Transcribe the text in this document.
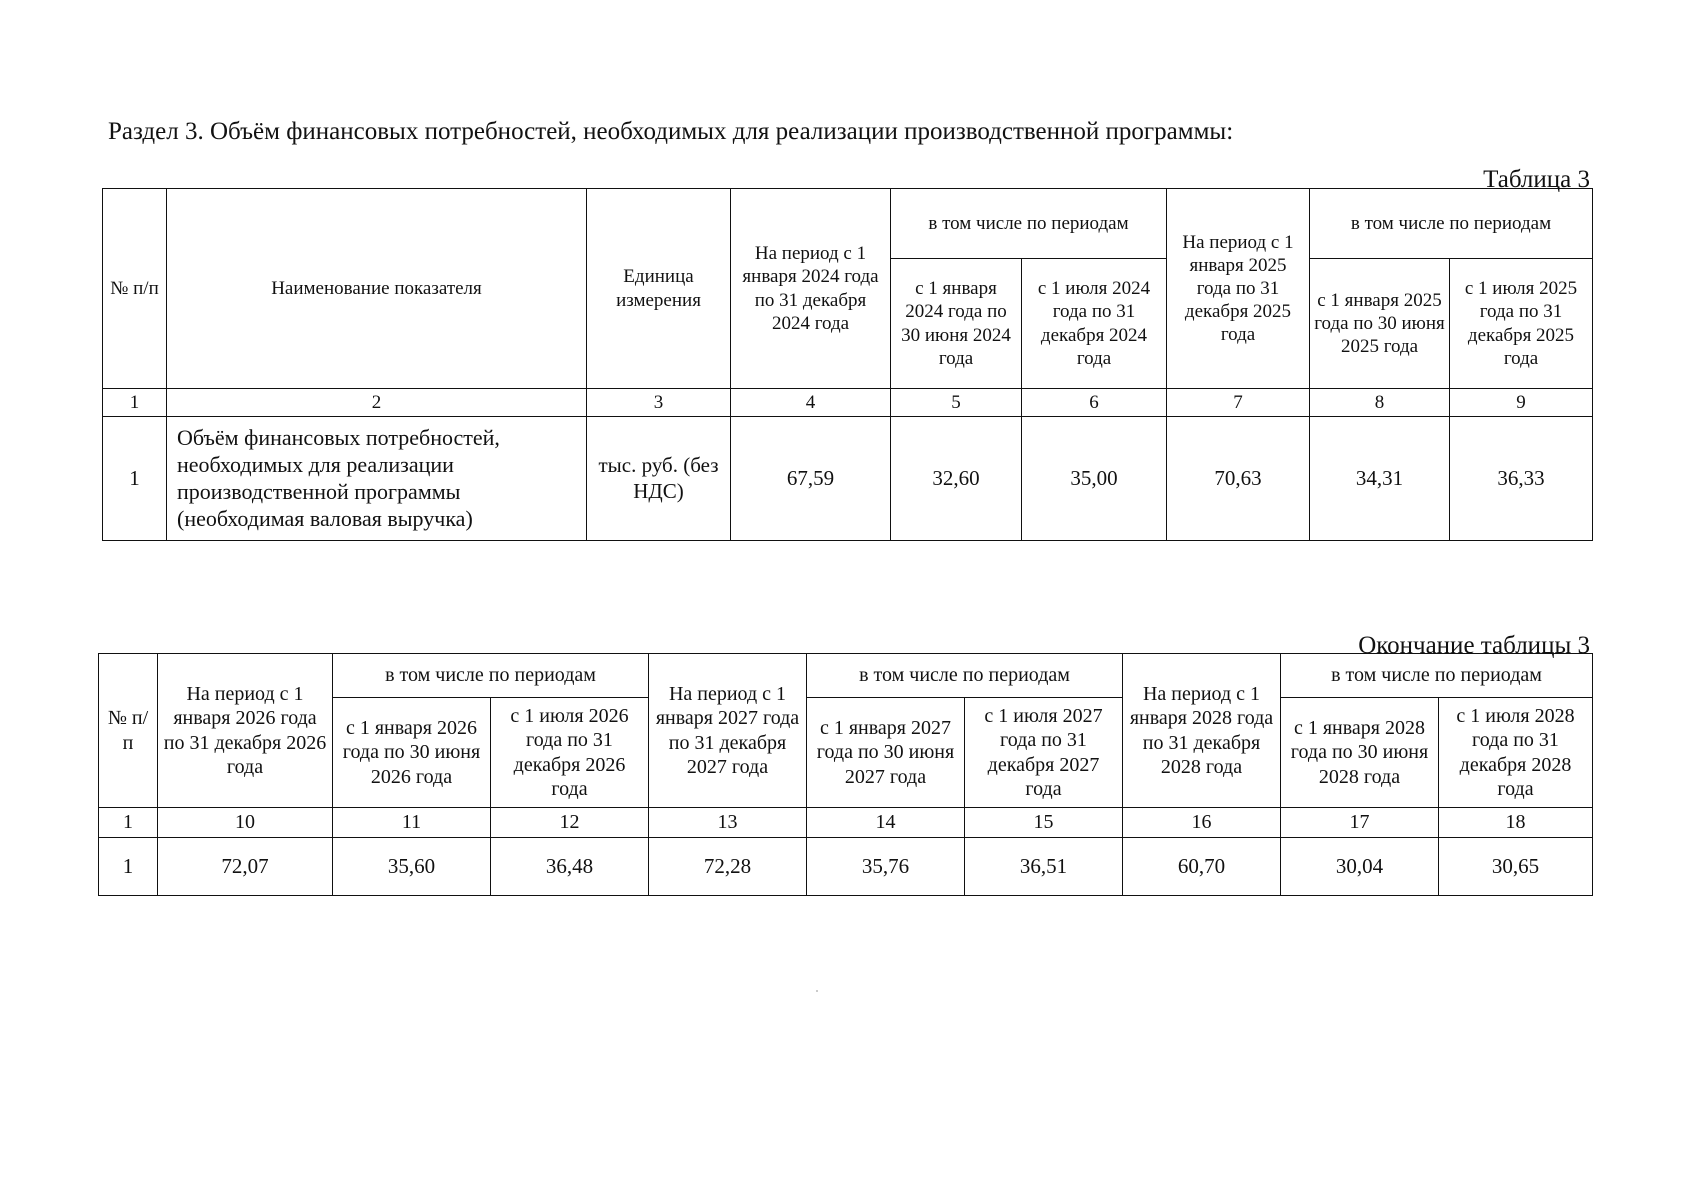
Раздел 3. Объём финансовых потребностей, необходимых для реализации производственной программы:
Таблица 3
№ п/п	Наименование показателя	Единица измерения	На период с 1 января 2024 года по 31 декабря 2024 года	в том числе по периодам		На период с 1 января 2025 года по 31 декабря 2025 года	в том числе по периодам	
				с 1 января 2024 года по 30 июня 2024 года	с 1 июля 2024 года по 31 декабря 2024 года		с 1 января 2025 года по 30 июня 2025 года	с 1 июля 2025 года по 31 декабря 2025 года
1	2	3	4	5	6	7	8	9
1	Объём финансовых потребностей, необходимых для реализации производственной программы (необходимая валовая выручка)	тыс. руб. (без НДС)	67,59	32,60	35,00	70,63	34,31	36,33
Окончание таблицы 3
№ п/п	На период с 1 января 2026 года по 31 декабря 2026 года	в том числе по периодам		На период с 1 января 2027 года по 31 декабря 2027 года	в том числе по периодам		На период с 1 января 2028 года по 31 декабря 2028 года	в том числе по периодам	
		с 1 января 2026 года по 30 июня 2026 года	с 1 июля 2026 года по 31 декабря 2026 года		с 1 января 2027 года по 30 июня 2027 года	с 1 июля 2027 года по 31 декабря 2027 года		с 1 января 2028 года по 30 июня 2028 года	с 1 июля 2028 года по 31 декабря 2028 года
1	10	11	12	13	14	15	16	17	18
1	72,07	35,60	36,48	72,28	35,76	36,51	60,70	30,04	30,65
